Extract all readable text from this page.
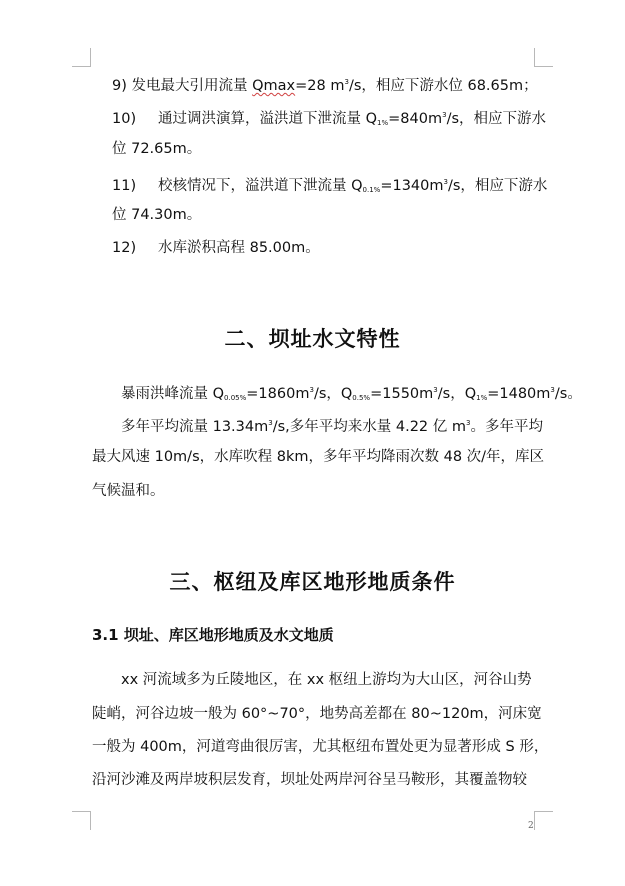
9) 发电最大引用流量 Qmax=28 $m^3/s$，相应下游水位 68.65m；
10) 通过调洪演算，溢洪道下泄流量 $Q_{1\%}=840m^3/s$，相应下游水
位 72.65m。
11) 校核情况下，溢洪道下泄流量 $Q_{0.1\%}=1340m^3/s$，相应下游水
位 74.30m。
12) 水库淤积高程 85.00m。
二、坝址水文特性
暴雨洪峰流量 $Q_{0.05\%}=1860m^3/s$，$Q_{0.5\%}=1550m^3/s$，$Q_{1\%}=1480m^3/s$。
多年平均流量 $13.34m^3/s$,多年平均来水量 4.22 亿 $m^3$。多年平均
最大风速 10m/s，水库吹程 8km，多年平均降雨次数 48 次/年，库区
气候温和。
三、枢纽及库区地形地质条件
3.1 坝址、库区地形地质及水文地质
xx 河流域多为丘陵地区，在 xx 枢纽上游均为大山区，河谷山势
陡峭，河谷边坡一般为 60°~70°，地势高差都在 80~120m，河床宽
一般为 400m，河道弯曲很厉害，尤其枢纽布置处更为显著形成 S 形，
沿河沙滩及两岸坡积层发育，坝址处两岸河谷呈马鞍形，其覆盖物较
2
